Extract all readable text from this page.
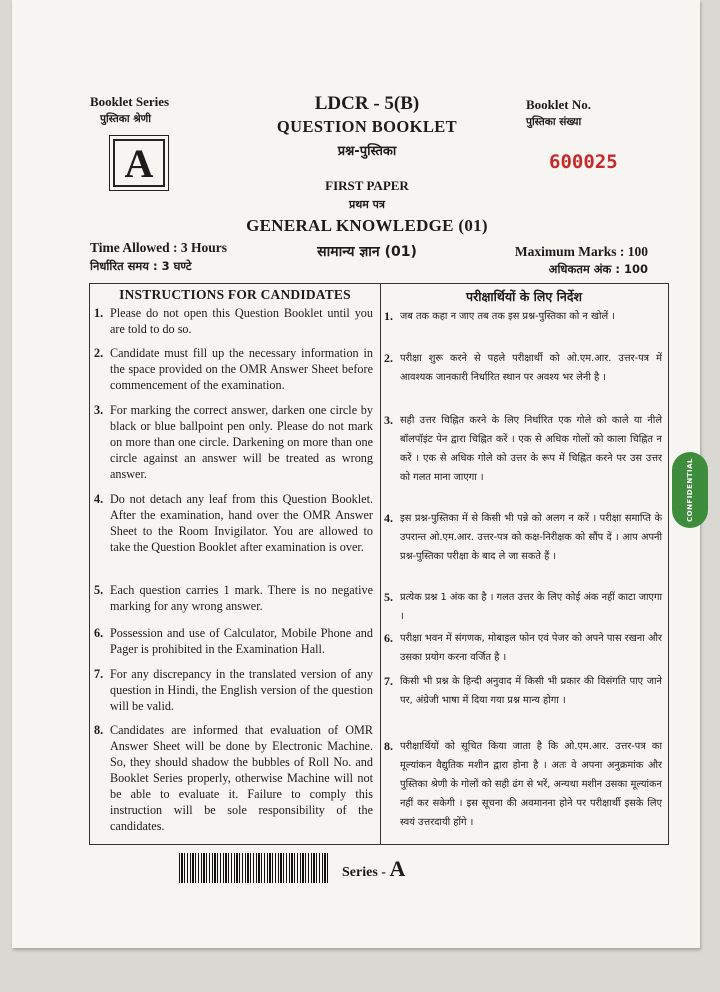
Booklet Series
पुस्तिका श्रेणी
A
LDCR - 5(B)
QUESTION BOOKLET
प्रश्न-पुस्तिका
Booklet No.
पुस्तिका संख्या
600025
FIRST PAPER
प्रथम पत्र
GENERAL KNOWLEDGE (01)
सामान्य ज्ञान (01)
Time Allowed : 3 Hours
निर्धारित समय : 3 घण्टे
Maximum Marks : 100
अधिकतम अंक : 100
INSTRUCTIONS FOR CANDIDATES	परीक्षार्थियों के लिए निर्देश
1. Please do not open this Question Booklet until you are told to do so.
2. Candidate must fill up the necessary information in the space provided on the OMR Answer Sheet before commencement of the examination.
3. For marking the correct answer, darken one circle by black or blue ballpoint pen only. Please do not mark on more than one circle. Darkening on more than one circle against an answer will be treated as wrong answer.
4. Do not detach any leaf from this Question Booklet. After the examination, hand over the OMR Answer Sheet to the Room Invigilator. You are allowed to take the Question Booklet after examination is over.
5. Each question carries 1 mark. There is no negative marking for any wrong answer.
6. Possession and use of Calculator, Mobile Phone and Pager is prohibited in the Examination Hall.
7. For any discrepancy in the translated version of any question in Hindi, the English version of the question will be valid.
8. Candidates are informed that evaluation of OMR Answer Sheet will be done by Electronic Machine. So, they should shadow the bubbles of Roll No. and Booklet Series properly, otherwise Machine will not be able to evaluate it. Failure to comply this instruction will be sole responsibility of the candidates.
1. जब तक कहा न जाए तब तक इस प्रश्न-पुस्तिका को न खोलें ।
2. परीक्षा शुरू करने से पहले परीक्षार्थी को ओ.एम.आर. उत्तर-पत्र में आवश्यक जानकारी निर्धारित स्थान पर अवश्य भर लेनी है ।
3. सही उत्तर चिह्नित करने के लिए निर्धारित एक गोले को काले या नीले बॉलपॉइंट पेन द्वारा चिह्नित करें । एक से अधिक गोलों को काला चिह्नित न करें । एक से अधिक गोले को उत्तर के रूप में चिह्नित करने पर उस उत्तर को गलत माना जाएगा ।
4. इस प्रश्न-पुस्तिका में से किसी भी पन्ने को अलग न करें । परीक्षा समाप्ति के उपरान्त ओ.एम.आर. उत्तर-पत्र को कक्ष-निरीक्षक को सौंप दें । आप अपनी प्रश्न-पुस्तिका परीक्षा के बाद ले जा सकते हैं ।
5. प्रत्येक प्रश्न 1 अंक का है । गलत उत्तर के लिए कोई अंक नहीं काटा जाएगा ।
6. परीक्षा भवन में संगणक, मोबाइल फोन एवं पेजर को अपने पास रखना और उसका प्रयोग करना वर्जित है ।
7. किसी भी प्रश्न के हिन्दी अनुवाद में किसी भी प्रकार की विसंगति पाए जाने पर, अंग्रेजी भाषा में दिया गया प्रश्न मान्य होगा ।
8. परीक्षार्थियों को सूचित किया जाता है कि ओ.एम.आर. उत्तर-पत्र का मूल्यांकन वैद्युतिक मशीन द्वारा होना है । अतः वे अपना अनुक्रमांक और पुस्तिका श्रेणी के गोलों को सही ढंग से भरें, अन्यथा मशीन उसका मूल्यांकन नहीं कर सकेगी । इस सूचना की अवमानना होने पर परीक्षार्थी इसके लिए स्वयं उत्तरदायी होंगे ।
Series - A
CONFIDENTIAL
